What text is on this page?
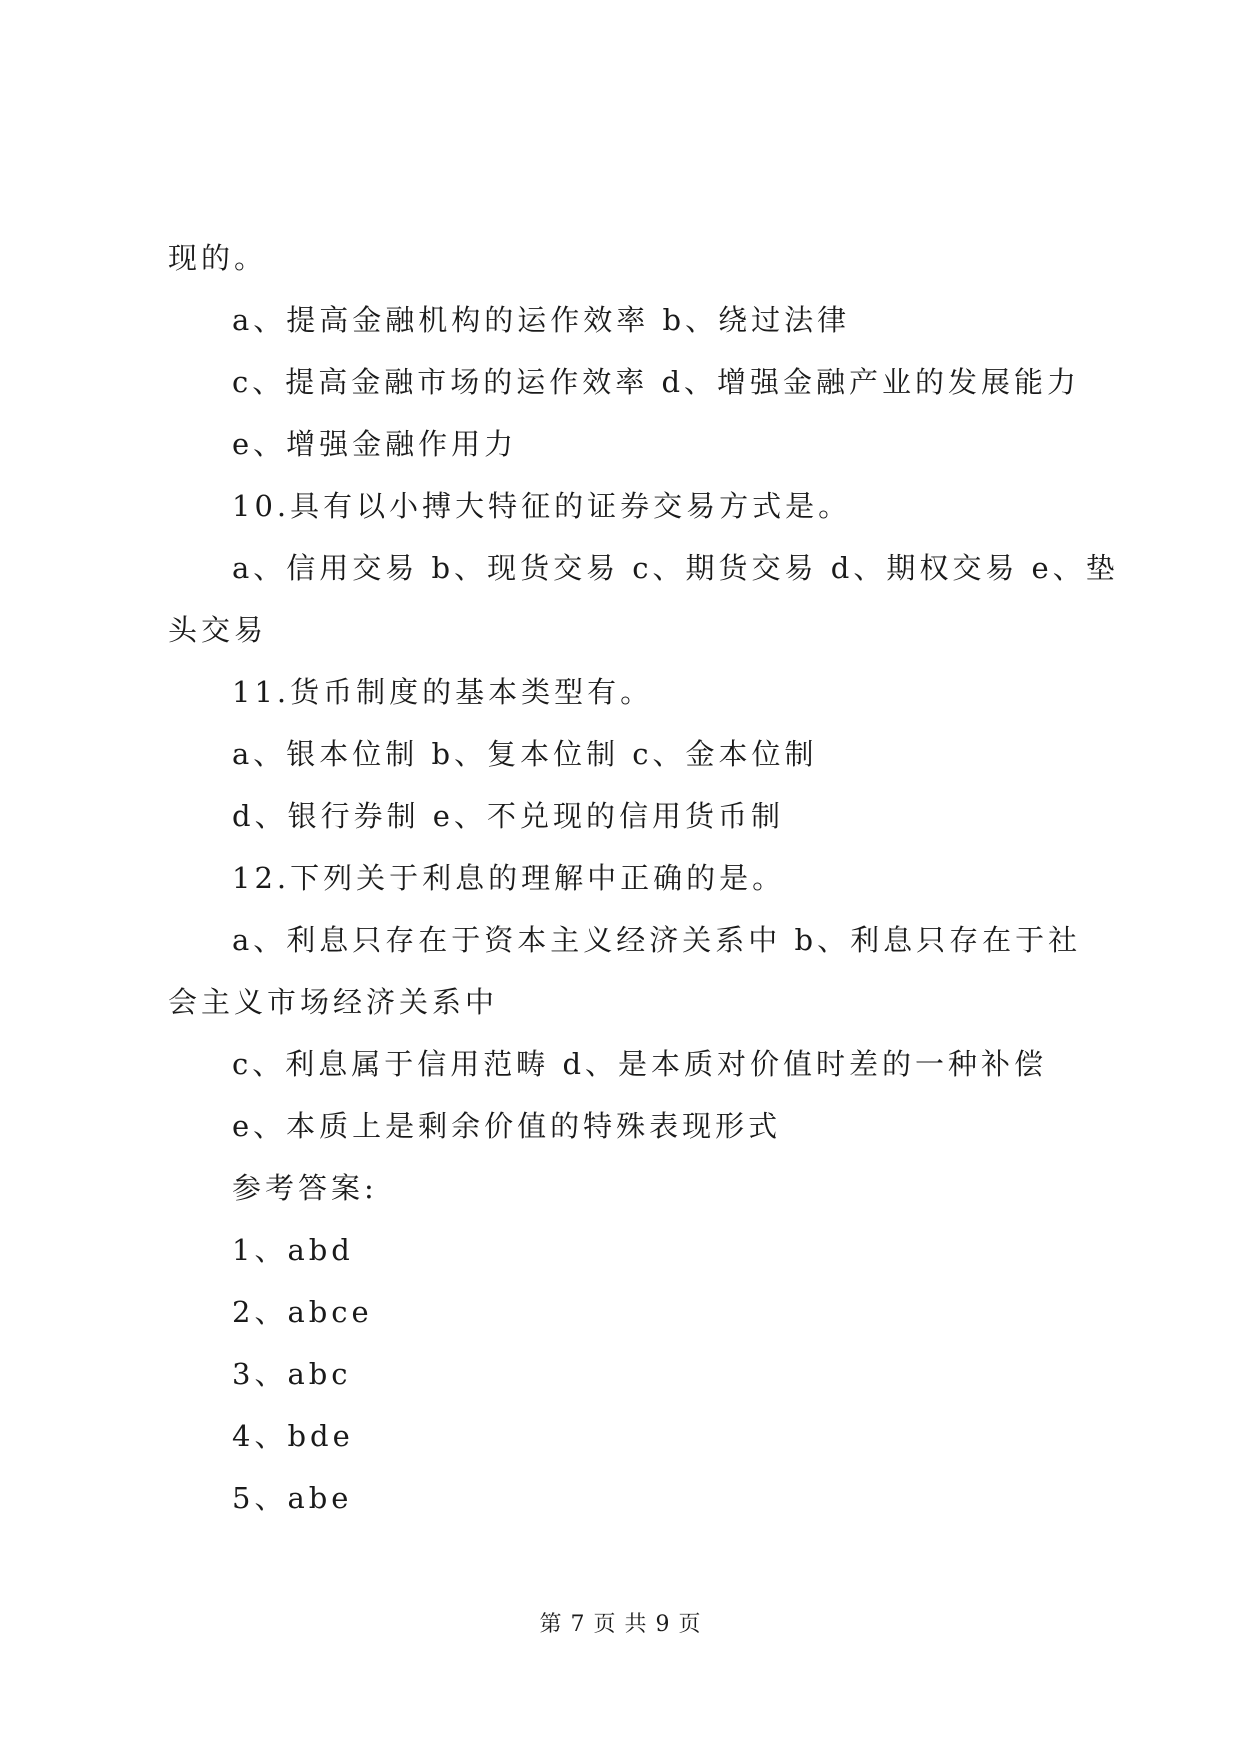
现的。
a、提高金融机构的运作效率 b、绕过法律
c、提高金融市场的运作效率 d、增强金融产业的发展能力
e、增强金融作用力
10.具有以小搏大特征的证券交易方式是。
a、信用交易 b、现货交易 c、期货交易 d、期权交易 e、垫
头交易
11.货币制度的基本类型有。
a、银本位制 b、复本位制 c、金本位制
d、银行券制 e、不兑现的信用货币制
12.下列关于利息的理解中正确的是。
a、利息只存在于资本主义经济关系中 b、利息只存在于社
会主义市场经济关系中
c、利息属于信用范畴 d、是本质对价值时差的一种补偿
e、本质上是剩余价值的特殊表现形式
参考答案:
1、abd
2、abce
3、abc
4、bde
5、abe
第 7 页 共 9 页
